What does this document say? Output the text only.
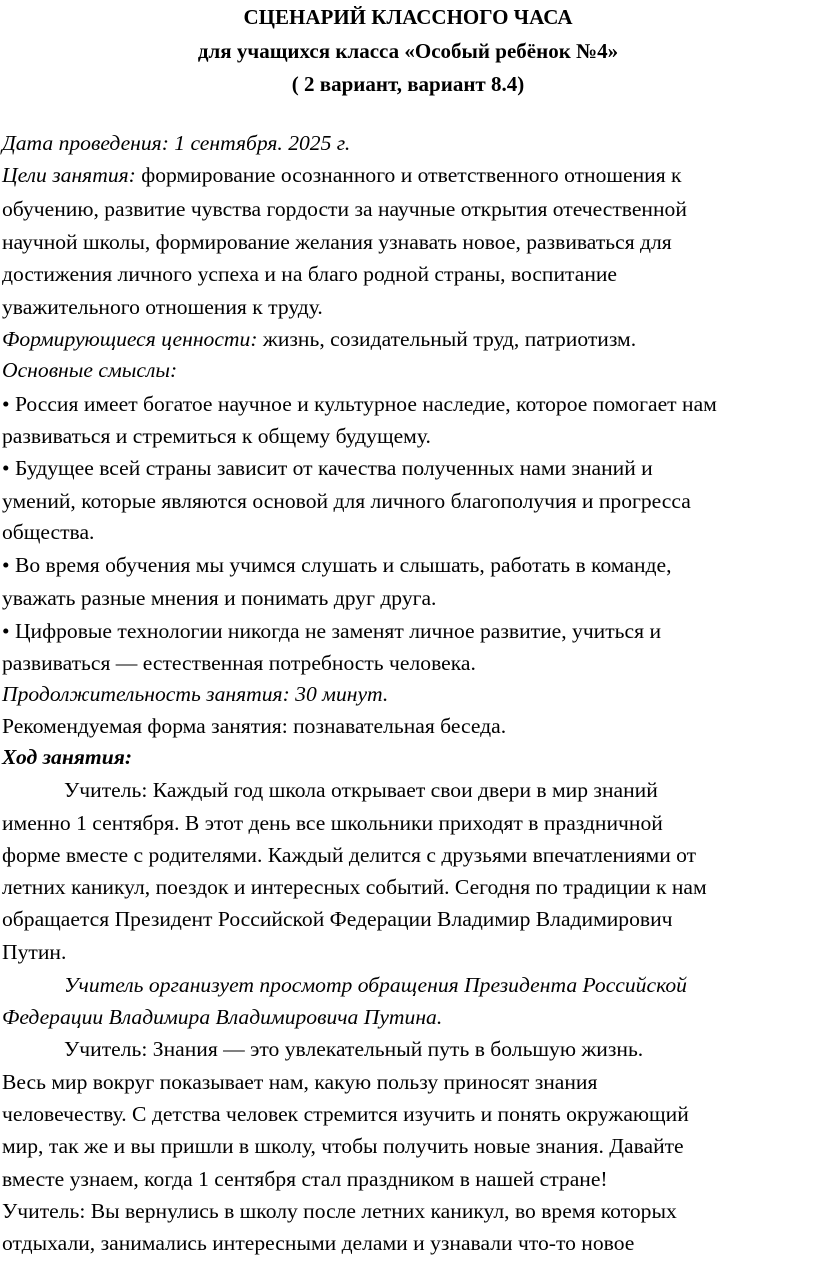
СЦЕНАРИЙ КЛАССНОГО ЧАСА
для учащихся класса «Особый ребёнок №4»
( 2 вариант, вариант 8.4)
Дата проведения: 1 сентября. 2025 г.
Цели занятия: формирование осознанного и ответственного отношения к
обучению, развитие чувства гордости за научные открытия отечественной
научной школы, формирование желания узнавать новое, развиваться для
достижения личного успеха и на благо родной страны, воспитание
уважительного отношения к труду.
Формирующиеся ценности: жизнь, созидательный труд, патриотизм.
Основные смыслы:
• Россия имеет богатое научное и культурное наследие, которое помогает нам
развиваться и стремиться к общему будущему.
• Будущее всей страны зависит от качества полученных нами знаний и
умений, которые являются основой для личного благополучия и прогресса
общества.
• Во время обучения мы учимся слушать и слышать, работать в команде,
уважать разные мнения и понимать друг друга.
• Цифровые технологии никогда не заменят личное развитие, учиться и
развиваться — естественная потребность человека.
Продолжительность занятия: 30 минут.
Рекомендуемая форма занятия: познавательная беседа.
Ход занятия:
Учитель: Каждый год школа открывает свои двери в мир знаний
именно 1 сентября. В этот день все школьники приходят в праздничной
форме вместе с родителями. Каждый делится с друзьями впечатлениями от
летних каникул, поездок и интересных событий. Сегодня по традиции к нам
обращается Президент Российской Федерации Владимир Владимирович
Путин.
Учитель организует просмотр обращения Президента Российской
Федерации Владимира Владимировича Путина.
Учитель: Знания — это увлекательный путь в большую жизнь.
Весь мир вокруг показывает нам, какую пользу приносят знания
человечеству. С детства человек стремится изучить и понять окружающий
мир, так же и вы пришли в школу, чтобы получить новые знания. Давайте
вместе узнаем, когда 1 сентября стал праздником в нашей стране!
Учитель: Вы вернулись в школу после летних каникул, во время которых
отдыхали, занимались интересными делами и узнавали что-то новое
